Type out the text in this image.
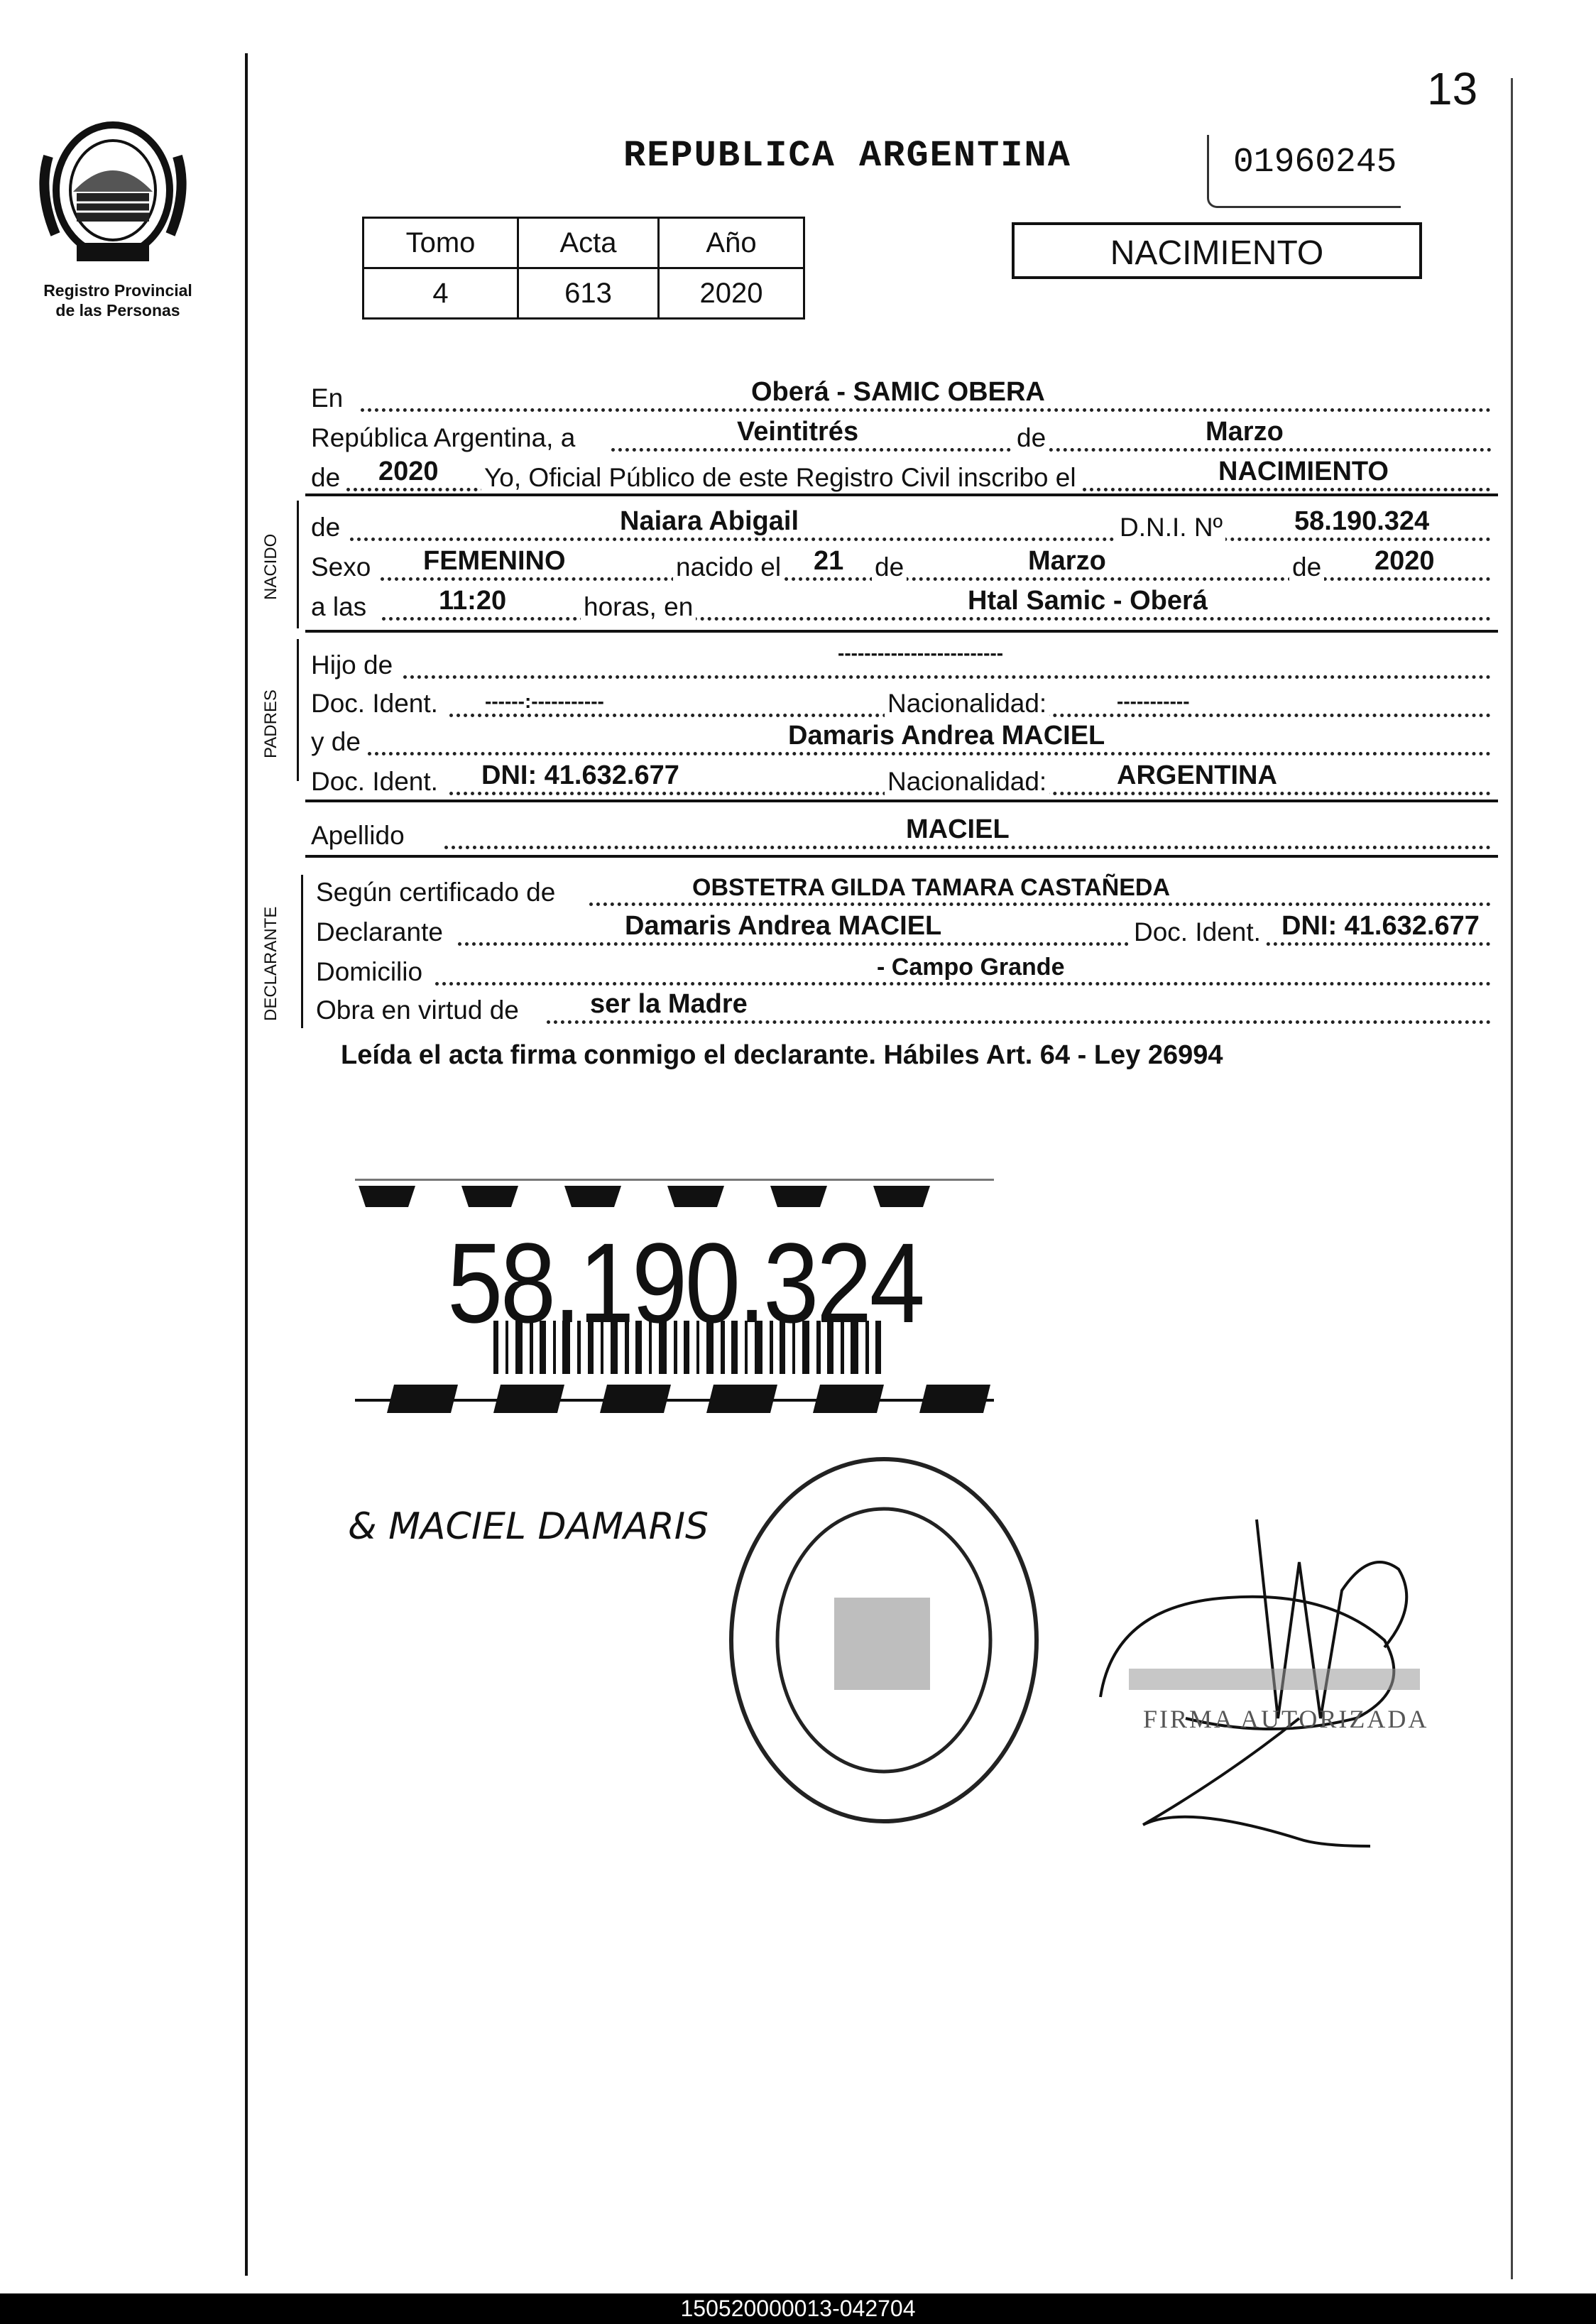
13
Registro Provincial
de las Personas
REPUBLICA ARGENTINA	01960245
Tomo	Acta	Año
4	613	2020
NACIMIENTO
En	Oberá - SAMIC OBERA
República Argentina, a	Veintitrés	de	Marzo
de 2020 Yo, Oficial Público de este Registro Civil inscribo el	NACIMIENTO
NACIDO
de	Naiara Abigail	D.N.I. Nº	58.190.324
Sexo FEMENINO	nacido el 21 de	Marzo	de 2020
a las	11:20	horas, en	Htal Samic - Oberá
PADRES
Hijo de	-------------------------
Doc. Ident. ------:-----------	Nacionalidad:	-----------
y de	Damaris Andrea MACIEL
Doc. Ident. DNI: 41.632.677	Nacionalidad:	ARGENTINA
Apellido	MACIEL
DECLARANTE
Según certificado de	OBSTETRA GILDA TAMARA CASTAÑEDA
Declarante	Damaris Andrea MACIEL	Doc. Ident. DNI: 41.632.677
Domicilio	- Campo Grande
Obra en virtud de	ser la Madre
Leída el acta firma conmigo el declarante. Hábiles Art. 64 - Ley 26994
58.190.324
& MACIEL DAMARIS
FIRMA AUTORIZADA
150520000013-042704
